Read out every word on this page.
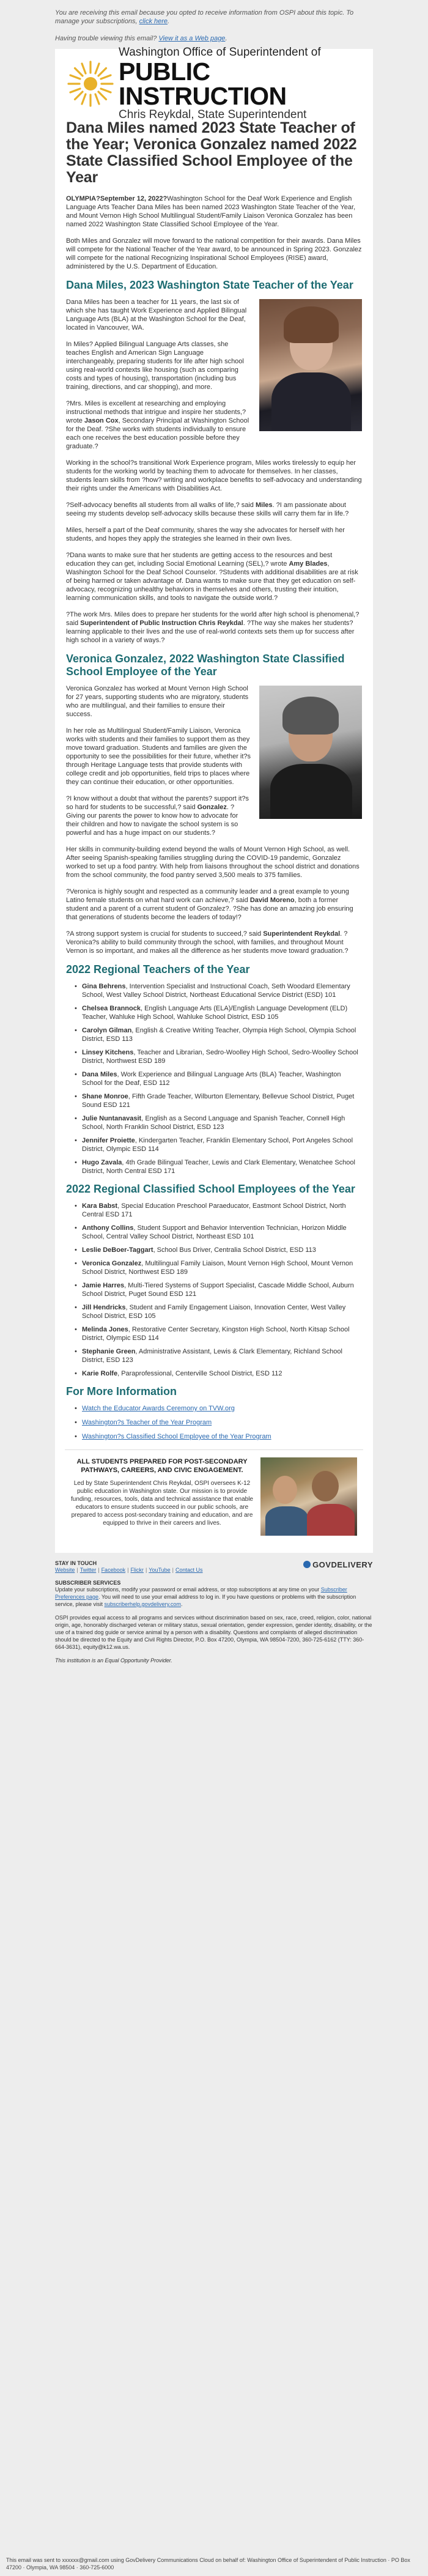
You are receiving this email because you opted to receive information from OSPI about this topic. To manage your subscriptions, click here.
Having trouble viewing this email? View it as a Web page.
Washington Office of Superintendent of
PUBLIC INSTRUCTION
Chris Reykdal, State Superintendent
Dana Miles named 2023 State Teacher of the Year; Veronica Gonzalez named 2022 State Classified School Employee of the Year

OLYMPIA?September 12, 2022?Washington School for the Deaf Work Experience and English Language Arts Teacher Dana Miles has been named 2023 Washington State Teacher of the Year, and Mount Vernon High School Multilingual Student/Family Liaison Veronica Gonzalez has been named 2022 Washington State Classified School Employee of the Year.

Both Miles and Gonzalez will move forward to the national competition for their awards. Dana Miles will compete for the National Teacher of the Year award, to be announced in Spring 2023. Gonzalez will compete for the national Recognizing Inspirational School Employees (RISE) award, administered by the U.S. Department of Education.

Dana Miles, 2023 Washington State Teacher of the Year

Dana Miles has been a teacher for 11 years, the last six of which she has taught Work Experience and Applied Bilingual Language Arts (BLA) at the Washington School for the Deaf, located in Vancouver, WA.

In Miles? Applied Bilingual Language Arts classes, she teaches English and American Sign Language interchangeably, preparing students for life after high school using real-world contexts like housing (such as comparing costs and types of housing), transportation (including bus training, directions, and car shopping), and more.

?Mrs. Miles is excellent at researching and employing instructional methods that intrigue and inspire her students,? wrote Jason Cox, Secondary Principal at Washington School for the Deaf. ?She works with students individually to ensure each one receives the best education possible before they graduate.?

Working in the school?s transitional Work Experience program, Miles works tirelessly to equip her students for the working world by teaching them to advocate for themselves. In her classes, students learn skills from ?how? writing and workplace benefits to self-advocacy and understanding their rights under the Americans with Disabilities Act.

?Self-advocacy benefits all students from all walks of life,? said Miles. ?I am passionate about seeing my students develop self-advocacy skills because these skills will carry them far in life.?

Miles, herself a part of the Deaf community, shares the way she advocates for herself with her students, and hopes they apply the strategies she learned in their own lives.

?Dana wants to make sure that her students are getting access to the resources and best education they can get, including Social Emotional Learning (SEL),? wrote Amy Blades, Washington School for the Deaf School Counselor. ?Students with additional disabilities are at risk of being harmed or taken advantage of. Dana wants to make sure that they get education on self-advocacy, recognizing unhealthy behaviors in themselves and others, trusting their intuition, learning communication skills, and tools to navigate the outside world.?

?The work Mrs. Miles does to prepare her students for the world after high school is phenomenal,? said Superintendent of Public Instruction Chris Reykdal. ?The way she makes her students? learning applicable to their lives and the use of real-world contexts sets them up for success after high school in a variety of ways.?

Veronica Gonzalez, 2022 Washington State Classified School Employee of the Year

Veronica Gonzalez has worked at Mount Vernon High School for 27 years, supporting students who are migratory, students who are multilingual, and their families to ensure their success.

In her role as Multilingual Student/Family Liaison, Veronica works with students and their families to support them as they move toward graduation. Students and families are given the opportunity to see the possibilities for their future, whether it?s through Heritage Language tests that provide students with college credit and job opportunities, field trips to places where they can continue their education, or other opportunities.

?I know without a doubt that without the parents? support it?s so hard for students to be successful,? said Gonzalez. ?Giving our parents the power to know how to advocate for their children and how to navigate the school system is so powerful and has a huge impact on our students.?

Her skills in community-building extend beyond the walls of Mount Vernon High School, as well. After seeing Spanish-speaking families struggling during the COVID-19 pandemic, Gonzalez worked to set up a food pantry. With help from liaisons throughout the school district and donations from the school community, the food pantry served 3,500 meals to 375 families.

?Veronica is highly sought and respected as a community leader and a great example to young Latino female students on what hard work can achieve,? said David Moreno, both a former student and a parent of a current student of Gonzalez?. ?She has done an amazing job ensuring that generations of students become the leaders of today!?

?A strong support system is crucial for students to succeed,? said Superintendent Reykdal. ?Veronica?s ability to build community through the school, with families, and throughout Mount Vernon is so important, and makes all the difference as her students move toward graduation.?

2022 Regional Teachers of the Year
• Gina Behrens, Intervention Specialist and Instructional Coach, Seth Woodard Elementary School, West Valley School District, Northeast Educational Service District (ESD) 101
• Chelsea Brannock, English Language Arts (ELA)/English Language Development (ELD) Teacher, Wahluke High School, Wahluke School District, ESD 105
• Carolyn Gilman, English & Creative Writing Teacher, Olympia High School, Olympia School District, ESD 113
• Linsey Kitchens, Teacher and Librarian, Sedro-Woolley High School, Sedro-Woolley School District, Northwest ESD 189
• Dana Miles, Work Experience and Bilingual Language Arts (BLA) Teacher, Washington School for the Deaf, ESD 112
• Shane Monroe, Fifth Grade Teacher, Wilburton Elementary, Bellevue School District, Puget Sound ESD 121
• Julie Nuntanavasit, English as a Second Language and Spanish Teacher, Connell High School, North Franklin School District, ESD 123
• Jennifer Proiette, Kindergarten Teacher, Franklin Elementary School, Port Angeles School District, Olympic ESD 114
• Hugo Zavala, 4th Grade Bilingual Teacher, Lewis and Clark Elementary, Wenatchee School District, North Central ESD 171
2022 Regional Classified School Employees of the Year
• Kara Babst, Special Education Preschool Paraeducator, Eastmont School District, North Central ESD 171
• Anthony Collins, Student Support and Behavior Intervention Technician, Horizon Middle School, Central Valley School District, Northeast ESD 101
• Leslie DeBoer-Taggart, School Bus Driver, Centralia School District, ESD 113
• Veronica Gonzalez, Multilingual Family Liaison, Mount Vernon High School, Mount Vernon School District, Northwest ESD 189
• Jamie Harres, Multi-Tiered Systems of Support Specialist, Cascade Middle School, Auburn School District, Puget Sound ESD 121
• Jill Hendricks, Student and Family Engagement Liaison, Innovation Center, West Valley School District, ESD 105
• Melinda Jones, Restorative Center Secretary, Kingston High School, North Kitsap School District, Olympic ESD 114
• Stephanie Green, Administrative Assistant, Lewis & Clark Elementary, Richland School District, ESD 123
• Karie Rolfe, Paraprofessional, Centerville School District, ESD 112
For More Information
• Watch the Educator Awards Ceremony on TVW.org
• Washington?s Teacher of the Year Program
• Washington?s Classified School Employee of the Year Program
ALL STUDENTS PREPARED FOR POST-SECONDARY PATHWAYS, CAREERS, AND CIVIC ENGAGEMENT.
Led by State Superintendent Chris Reykdal, OSPI oversees K-12 public education in Washington state. Our mission is to provide funding, resources, tools, data and technical assistance that enable educators to ensure students succeed in our public schools, are prepared to access post-secondary training and education, and are equipped to thrive in their careers and lives.
STAY IN TOUCH
Website | Twitter | Facebook | Flickr | YouTube | Contact Us
GOVDELIVERY
SUBSCRIBER SERVICES
Update your subscriptions, modify your password or email address, or stop subscriptions at any time on your Subscriber Preferences page. You will need to use your email address to log in. If you have questions or problems with the subscription service, please visit subscriberhelp.govdelivery.com.
OSPI provides equal access to all programs and services without discrimination based on sex, race, creed, religion, color, national origin, age, honorably discharged veteran or military status, sexual orientation, gender expression, gender identity, disability, or the use of a trained dog guide or service animal by a person with a disability. Questions and complaints of alleged discrimination should be directed to the Equity and Civil Rights Director, P.O. Box 47200, Olympia, WA 98504-7200, 360-725-6162 (TTY: 360-664-3631), equity@k12.wa.us.
This institution is an Equal Opportunity Provider.
This email was sent to xxxxxx@gmail.com using GovDelivery Communications Cloud on behalf of: Washington Office of Superintendent of Public Instruction · PO Box 47200 · Olympia, WA 98504 · 360-725-6000
